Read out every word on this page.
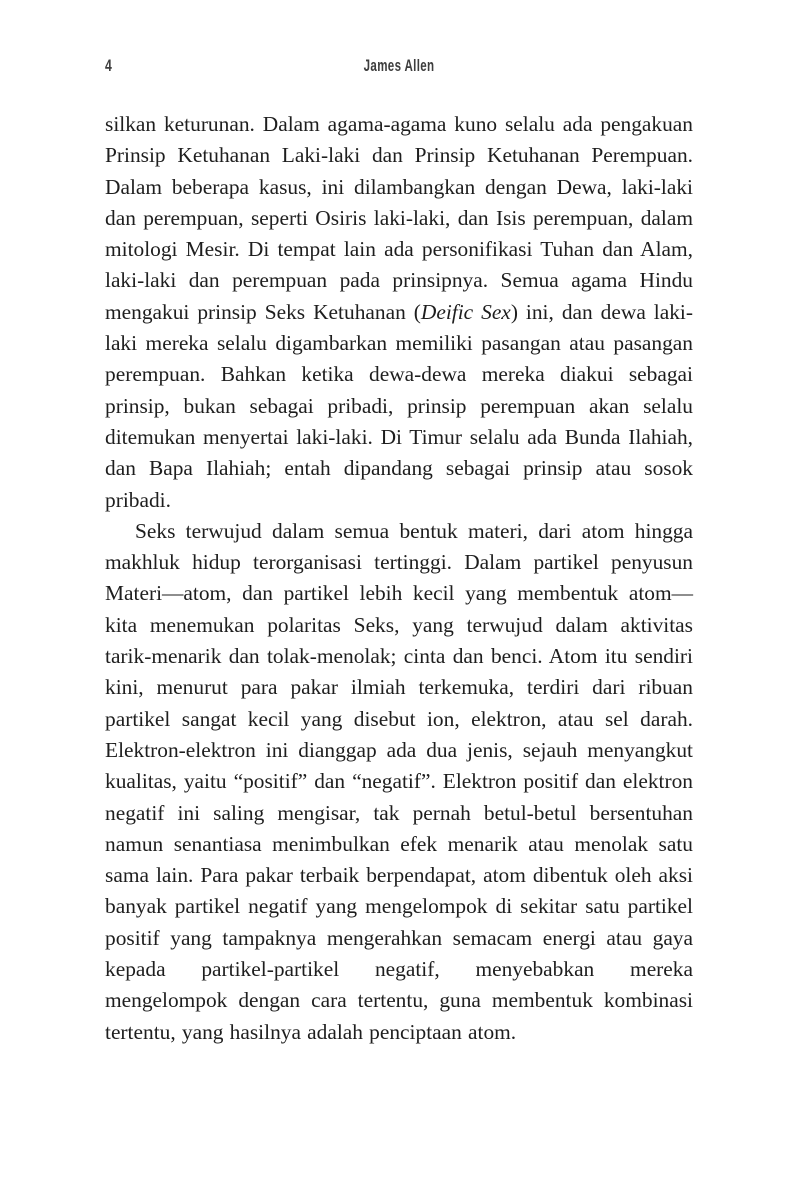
4	James Allen

silkan keturunan. Dalam agama-agama kuno selalu ada pengakuan Prinsip Ketuhanan Laki-laki dan Prinsip Ketuhanan Perempuan. Dalam beberapa kasus, ini dilambangkan dengan Dewa, laki-laki dan perempuan, seperti Osiris laki-laki, dan Isis perempuan, dalam mitologi Mesir. Di tempat lain ada personifikasi Tuhan dan Alam, laki-laki dan perempuan pada prinsipnya. Semua agama Hindu mengakui prinsip Seks Ketuhanan (Deific Sex) ini, dan dewa laki-laki mereka selalu digambarkan memiliki pasangan atau pasangan perempuan. Bahkan ketika dewa-dewa mereka diakui sebagai prinsip, bukan sebagai pribadi, prinsip perempuan akan selalu ditemukan menyertai laki-laki. Di Timur selalu ada Bunda Ilahiah, dan Bapa Ilahiah; entah dipandang sebagai prinsip atau sosok pribadi.

Seks terwujud dalam semua bentuk materi, dari atom hingga makhluk hidup terorganisasi tertinggi. Dalam partikel penyusun Materi—atom, dan partikel lebih kecil yang membentuk atom—kita menemukan polaritas Seks, yang terwujud dalam aktivitas tarik-menarik dan tolak-menolak; cinta dan benci. Atom itu sendiri kini, menurut para pakar ilmiah terkemuka, terdiri dari ribuan partikel sangat kecil yang disebut ion, elektron, atau sel darah. Elektron-elektron ini dianggap ada dua jenis, sejauh menyangkut kualitas, yaitu “positif” dan “negatif”. Elektron positif dan elektron negatif ini saling mengisar, tak pernah betul-betul bersentuhan namun senantiasa menimbulkan efek menarik atau menolak satu sama lain. Para pakar terbaik berpendapat, atom dibentuk oleh aksi banyak partikel negatif yang mengelompok di sekitar satu partikel positif yang tampaknya mengerahkan semacam energi atau gaya kepada partikel-partikel negatif, menyebabkan mereka mengelompok dengan cara tertentu, guna membentuk kombinasi tertentu, yang hasilnya adalah penciptaan atom.
